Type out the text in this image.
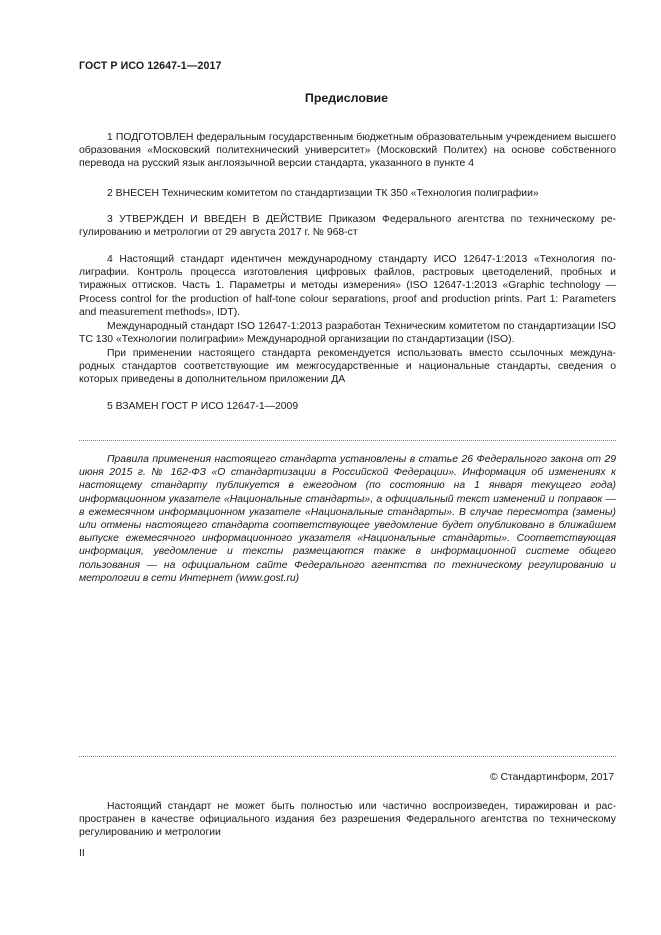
ГОСТ Р ИСО 12647-1—2017
Предисловие

1 ПОДГОТОВЛЕН федеральным государственным бюджетным образовательным учреждением высшего образования «Московский политехнический университет» (Московский Политех) на основе собственного перевода на русский язык англоязычной версии стандарта, указанного в пункте 4

2 ВНЕСЕН Техническим комитетом по стандартизации ТК 350 «Технология полиграфии»

3 УТВЕРЖДЕН И ВВЕДЕН В ДЕЙСТВИЕ Приказом Федерального агентства по техническому регулированию и метрологии от 29 августа 2017 г. № 968-ст

4 Настоящий стандарт идентичен международному стандарту ИСО 12647-1:2013 «Технология полиграфии. Контроль процесса изготовления цифровых файлов, растровых цветоделений, пробных и тиражных оттисков. Часть 1. Параметры и методы измерения» (ISO 12647-1:2013 «Graphic technology — Process control for the production of half-tone colour separations, proof and production prints. Part 1: Parameters and measurement methods», IDT).

Международный стандарт ISO 12647-1:2013 разработан Техническим комитетом по стандартизации ISO TC 130 «Технологии полиграфии» Международной организации по стандартизации (ISO).

При применении настоящего стандарта рекомендуется использовать вместо ссылочных международных стандартов соответствующие им межгосударственные и национальные стандарты, сведения о которых приведены в дополнительном приложении ДА

5 ВЗАМЕН ГОСТ Р ИСО 12647-1—2009

Правила применения настоящего стандарта установлены в статье 26 Федерального закона от 29 июня 2015 г. № 162-ФЗ «О стандартизации в Российской Федерации». Информация об изменениях к настоящему стандарту публикуется в ежегодном (по состоянию на 1 января текущего года) информационном указателе «Национальные стандарты», а официальный текст изменений и поправок — в ежемесячном информационном указателе «Национальные стандарты». В случае пересмотра (замены) или отмены настоящего стандарта соответствующее уведомление будет опубликовано в ближайшем выпуске ежемесячного информационного указателя «Национальные стандарты». Соответствующая информация, уведомление и тексты размещаются также в информационной системе общего пользования — на официальном сайте Федерального агентства по техническому регулированию и метрологии в сети Интернет (www.gost.ru)

© Стандартинформ, 2017

Настоящий стандарт не может быть полностью или частично воспроизведен, тиражирован и распространен в качестве официального издания без разрешения Федерального агентства по техническому регулированию и метрологии

II
